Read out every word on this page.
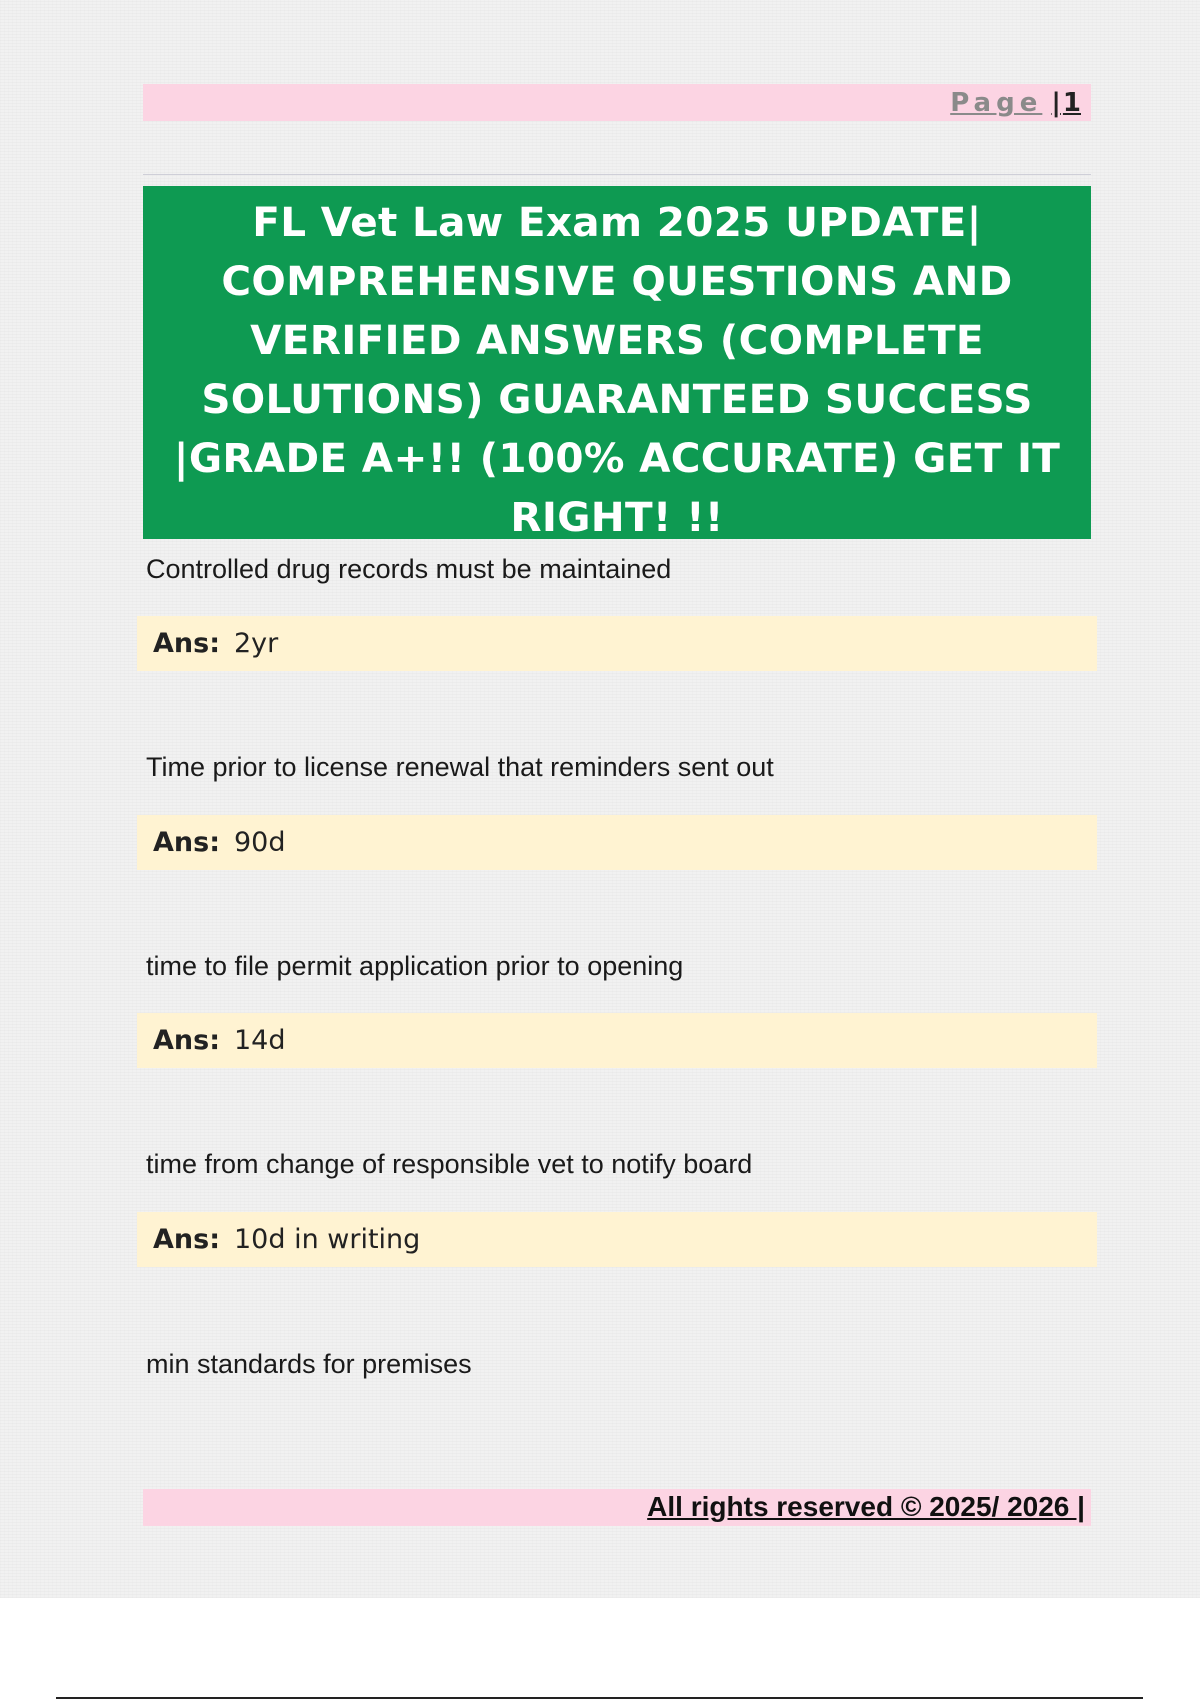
Page |1
FL Vet Law Exam 2025 UPDATE|
COMPREHENSIVE QUESTIONS AND
VERIFIED ANSWERS (COMPLETE
SOLUTIONS) GUARANTEED SUCCESS
|GRADE A+!! (100% ACCURATE) GET IT
RIGHT! !!
Controlled drug records must be maintained
Ans: 2yr
Time prior to license renewal that reminders sent out
Ans: 90d
time to file permit application prior to opening
Ans: 14d
time from change of responsible vet to notify board
Ans: 10d in writing
min standards for premises
All rights reserved © 2025/ 2026 |
